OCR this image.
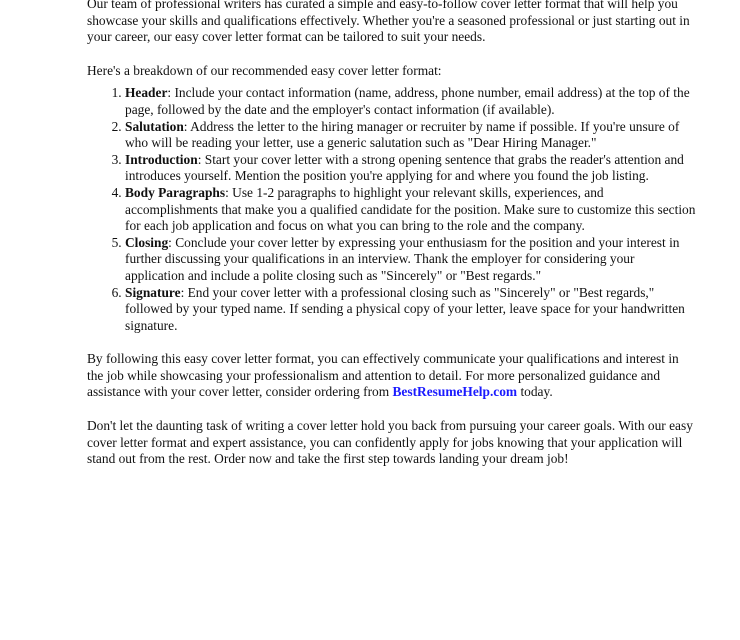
Our team of professional writers has curated a simple and easy-to-follow cover letter format that will help you showcase your skills and qualifications effectively. Whether you're a seasoned professional or just starting out in your career, our easy cover letter format can be tailored to suit your needs.

Here's a breakdown of our recommended easy cover letter format:

1. Header: Include your contact information (name, address, phone number, email address) at the top of the page, followed by the date and the employer's contact information (if available).
2. Salutation: Address the letter to the hiring manager or recruiter by name if possible. If you're unsure of who will be reading your letter, use a generic salutation such as "Dear Hiring Manager."
3. Introduction: Start your cover letter with a strong opening sentence that grabs the reader's attention and introduces yourself. Mention the position you're applying for and where you found the job listing.
4. Body Paragraphs: Use 1-2 paragraphs to highlight your relevant skills, experiences, and accomplishments that make you a qualified candidate for the position. Make sure to customize this section for each job application and focus on what you can bring to the role and the company.
5. Closing: Conclude your cover letter by expressing your enthusiasm for the position and your interest in further discussing your qualifications in an interview. Thank the employer for considering your application and include a polite closing such as "Sincerely" or "Best regards."
6. Signature: End your cover letter with a professional closing such as "Sincerely" or "Best regards," followed by your typed name. If sending a physical copy of your letter, leave space for your handwritten signature.

By following this easy cover letter format, you can effectively communicate your qualifications and interest in the job while showcasing your professionalism and attention to detail. For more personalized guidance and assistance with your cover letter, consider ordering from BestResumeHelp.com today.

Don't let the daunting task of writing a cover letter hold you back from pursuing your career goals. With our easy cover letter format and expert assistance, you can confidently apply for jobs knowing that your application will stand out from the rest. Order now and take the first step towards landing your dream job!
